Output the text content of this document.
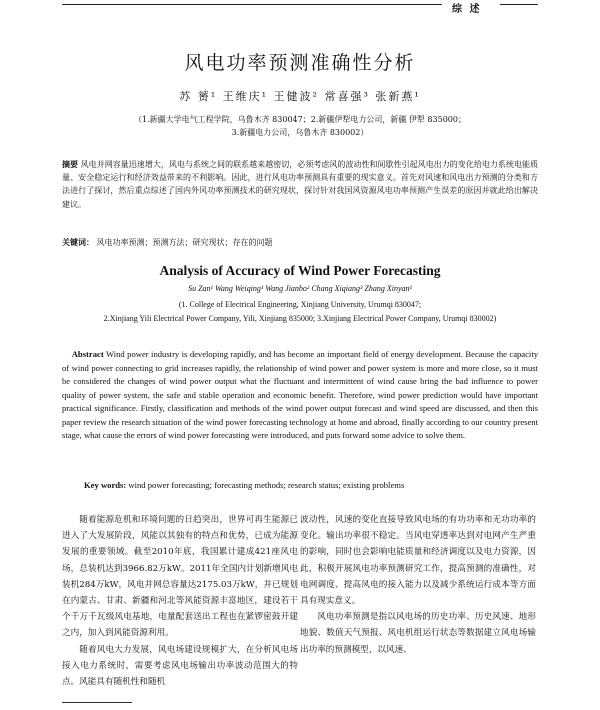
综 述
风电功率预测准确性分析
苏 赟¹ 王维庆¹ 王健波² 常喜强³ 张新燕¹
（1.新疆大学电气工程学院，乌鲁木齐 830047；2.新疆伊犁电力公司，新疆 伊犁 835000；
3.新疆电力公司，乌鲁木齐 830002）
摘要 风电并网容量迅速增大，风电与系统之间的联系越来越密切，必须考虑风的波动性和间歇性引起风电出力的变化给电力系统电能质量、安全稳定运行和经济效益带来的不利影响。因此，进行风电功率预测具有重要的现实意义。首先对风速和风电出力预测的分类和方法进行了探讨，然后重点综述了国内外风功率预测技术的研究现状，探讨针对我国风资源风电功率预测产生误差的原因并就此给出解决建议。
关键词： 风电功率预测；预测方法；研究现状；存在的问题
Analysis of Accuracy of Wind Power Forecasting
Su Zan¹ Wang Weiqing¹ Wang Jianbo² Chang Xiqiang³ Zhang Xinyan¹
(1. College of Electrical Engineering, Xinjiang University, Urumqi 830047;
2.Xinjiang Yili Electrical Power Company, Yili, Xinjiang 835000; 3.Xinjiang Electrical Power Company, Urumqi 830002)
Abstract Wind power industry is developing rapidly, and has become an important field of energy development. Because the capacity of wind power connecting to grid increases rapidly, the relationship of wind power and power system is more and more close, so it must be considered the changes of wind power output what the fluctuant and intermittent of wind cause bring the bad influence to power quality of power system, the safe and stable operation and economic benefit. Therefore, wind power prediction would have important practical significance. Firstly, classification and methods of the wind power output forecast and wind speed are discussed, and then this paper review the research situation of the wind power forecasting technology at home and abroad, finally according to our country present stage, what cause the errors of wind power forecasting were introduced, and puts forward some advice to solve them.
Key words: wind power forecasting; forecasting methods; research status; existing problems

随着能源危机和环境问题的日趋突出，世界可再生能源已进入了大发展阶段，风能以其独有的特点和优势，已成为能源发展的重要领域。截至2010年底，我国累计建成421座风电场，总装机达到3966.82万kW。2011年全国内计划新增风电装机284万kW，风电并网总容量达2175.03万kW，并已规划在内蒙古、甘肃、新疆和河北等风能资源丰富地区，建设若干个千万千瓦级风电基地，电量配套送出工程也在紧锣密鼓开建之内，加入到风能资源利用。

随着风电大力发展，风电场建设规模扩大，在分析风电场接入电力系统时，需要考虑风电场输出功率波动范围大的特点。风能具有随机性和随机

波动性，风速的变化直接导致风电场的有功功率和无功功率的变化。输出功率很不稳定。当风电穿透率达到对电网产生严重的影响，同时也会影响电能质量和经济调度以及电力资源，因此，积极开展风电功率预测研究工作，提高预测的准确性，对电网调度、提高风电的接入能力以及减少系统运行成本等方面具有现实意义。

风电功率预测是指以风电场的历史功率、历史风速、地形地貌、数值天气预报、风电机组运行状态等数据建立风电场输出功率的预测模型，以风速、
